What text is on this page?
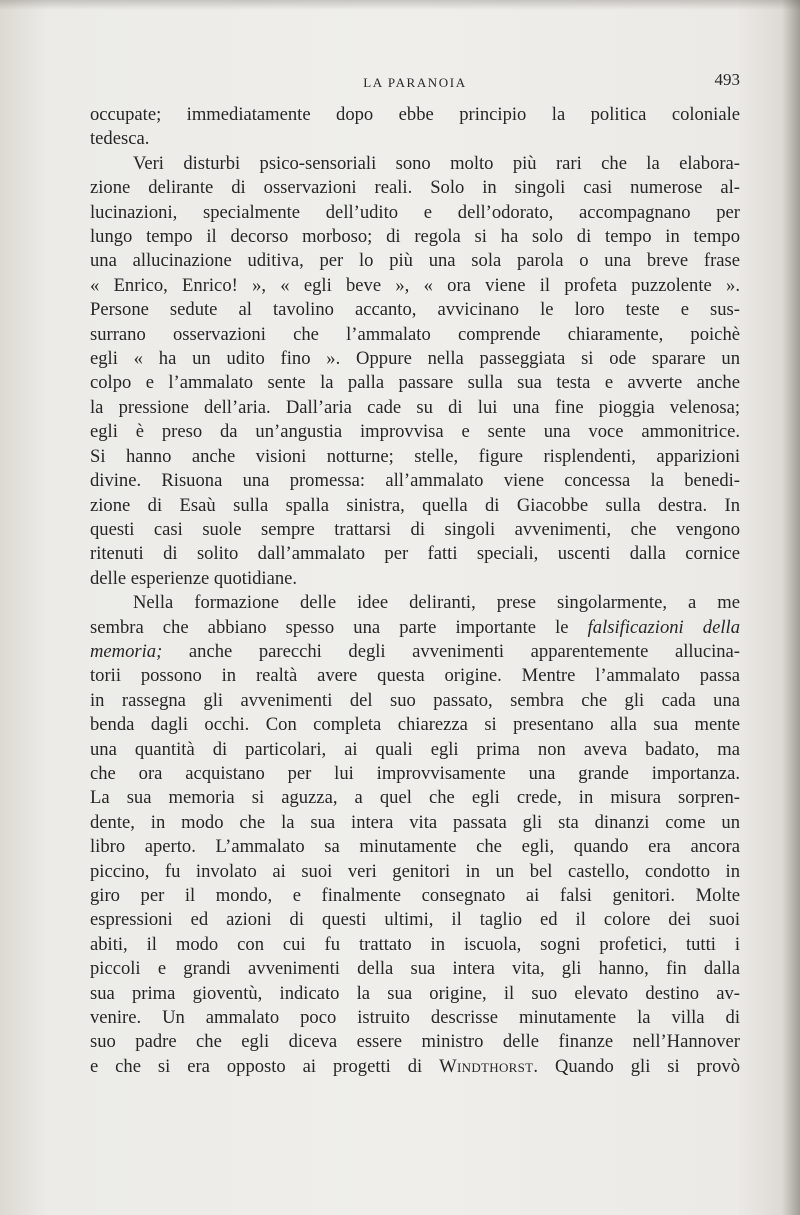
LA PARANOIA	493

occupate; immediatamente dopo ebbe principio la politica coloniale

tedesca.

Veri disturbi psico-sensoriali sono molto più rari che la elabora-

zione delirante di osservazioni reali. Solo in singoli casi numerose al-

lucinazioni, specialmente dell’udito e dell’odorato, accompagnano per

lungo tempo il decorso morboso; di regola si ha solo di tempo in tempo

una allucinazione uditiva, per lo più una sola parola o una breve frase

« Enrico, Enrico! », « egli beve », « ora viene il profeta puzzolente ».

Persone sedute al tavolino accanto, avvicinano le loro teste e sus-

surrano osservazioni che l’ammalato comprende chiaramente, poichè

egli « ha un udito fino ». Oppure nella passeggiata si ode sparare un

colpo e l’ammalato sente la palla passare sulla sua testa e avverte anche

la pressione dell’aria. Dall’aria cade su di lui una fine pioggia velenosa;

egli è preso da un’angustia improvvisa e sente una voce ammonitrice.

Si hanno anche visioni notturne; stelle, figure risplendenti, apparizioni

divine. Risuona una promessa: all’ammalato viene concessa la benedi-

zione di Esaù sulla spalla sinistra, quella di Giacobbe sulla destra. In

questi casi suole sempre trattarsi di singoli avvenimenti, che vengono

ritenuti di solito dall’ammalato per fatti speciali, uscenti dalla cornice

delle esperienze quotidiane.

Nella formazione delle idee deliranti, prese singolarmente, a me

sembra che abbiano spesso una parte importante le falsificazioni della

memoria; anche parecchi degli avvenimenti apparentemente allucina-

torii possono in realtà avere questa origine. Mentre l’ammalato passa

in rassegna gli avvenimenti del suo passato, sembra che gli cada una

benda dagli occhi. Con completa chiarezza si presentano alla sua mente

una quantità di particolari, ai quali egli prima non aveva badato, ma

che ora acquistano per lui improvvisamente una grande importanza.

La sua memoria si aguzza, a quel che egli crede, in misura sorpren-

dente, in modo che la sua intera vita passata gli sta dinanzi come un

libro aperto. L’ammalato sa minutamente che egli, quando era ancora

piccino, fu involato ai suoi veri genitori in un bel castello, condotto in

giro per il mondo, e finalmente consegnato ai falsi genitori. Molte

espressioni ed azioni di questi ultimi, il taglio ed il colore dei suoi

abiti, il modo con cui fu trattato in iscuola, sogni profetici, tutti i

piccoli e grandi avvenimenti della sua intera vita, gli hanno, fin dalla

sua prima gioventù, indicato la sua origine, il suo elevato destino av-

venire. Un ammalato poco istruito descrisse minutamente la villa di

suo padre che egli diceva essere ministro delle finanze nell’Hannover

e che si era opposto ai progetti di Windthorst. Quando gli si provò
